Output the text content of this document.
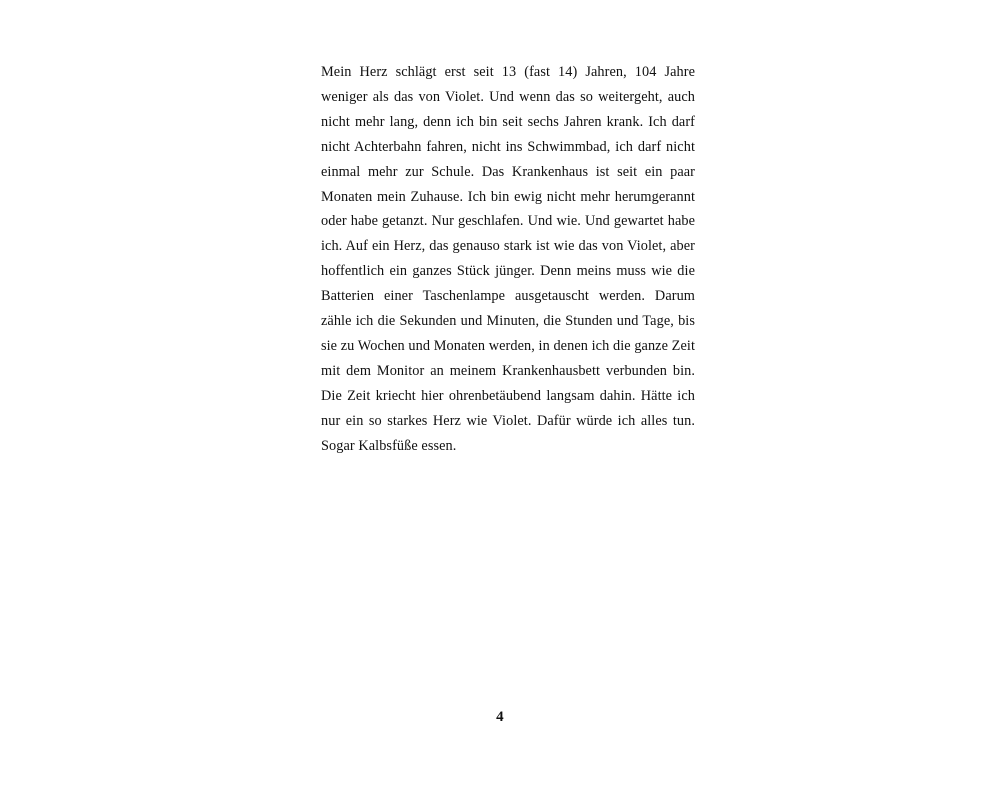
Mein Herz schlägt erst seit 13 (fast 14) Jahren, 104 Jahre weniger als das von Violet. Und wenn das so weitergeht, auch nicht mehr lang, denn ich bin seit sechs Jahren krank. Ich darf nicht Achterbahn fahren, nicht ins Schwimmbad, ich darf nicht einmal mehr zur Schule. Das Krankenhaus ist seit ein paar Monaten mein Zuhause. Ich bin ewig nicht mehr herumgerannt oder habe getanzt. Nur geschlafen. Und wie. Und gewartet habe ich. Auf ein Herz, das genauso stark ist wie das von Violet, aber hoffentlich ein ganzes Stück jünger. Denn meins muss wie die Batterien einer Taschenlampe ausgetauscht werden. Darum zähle ich die Sekunden und Minuten, die Stunden und Tage, bis sie zu Wochen und Monaten werden, in denen ich die ganze Zeit mit dem Monitor an meinem Krankenhausbett verbunden bin. Die Zeit kriecht hier ohrenbetäubend langsam dahin. Hätte ich nur ein so starkes Herz wie Violet. Dafür würde ich alles tun. Sogar Kalbsfüße essen.

4
